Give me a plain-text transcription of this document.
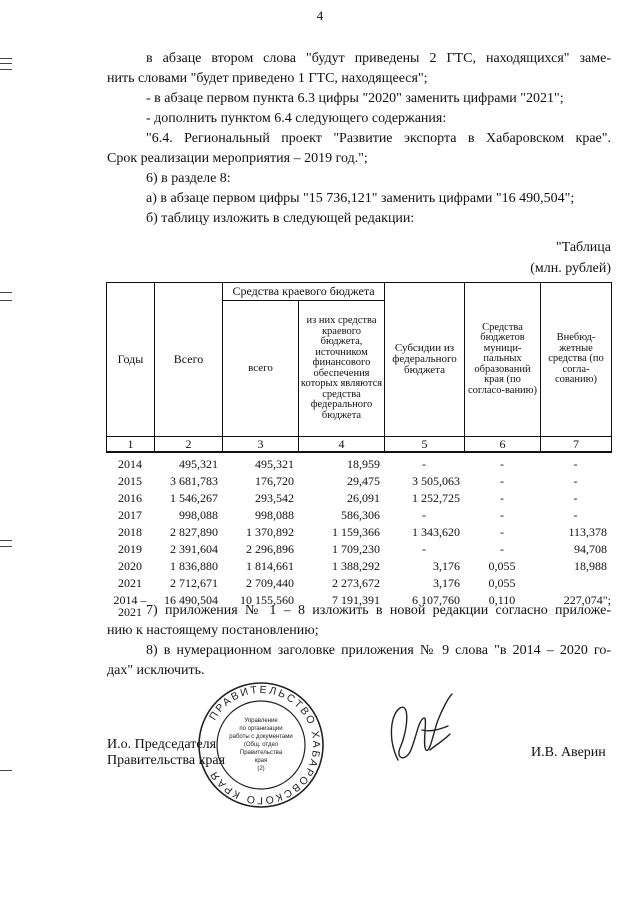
4
в абзаце втором слова "будут приведены 2 ГТС, находящихся" заме-
нить словами "будет приведено 1 ГТС, находящееся";
- в абзаце первом пункта 6.3 цифры "2020" заменить цифрами "2021";
- дополнить пунктом 6.4 следующего содержания:
"6.4. Региональный проект "Развитие экспорта в Хабаровском крае".
Срок реализации мероприятия – 2019 год.";
6) в разделе 8:
а) в абзаце первом цифры "15 736,121" заменить цифрами "16 490,504";
б) таблицу изложить в следующей редакции:
"Таблица
(млн. рублей)
Годы	Всего	Средства краевого бюджета		Субсидии из федерального бюджета	Средства бюджетов муници-пальных образований края (по согласо-ванию)	Внебюд-жетные средства (по согла-сованию)
		всего	из них средства краевого бюджета, источником финансового обеспечения которых являются средства федерального бюджета			
1	2	3	4	5	6	7
2014	495,321	495,321	18,959	-	-	-
2015	3 681,783	176,720	29,475	3 505,063	-	-
2016	1 546,267	293,542	26,091	1 252,725	-	-
2017	998,088	998,088	586,306	-	-	-
2018	2 827,890	1 370,892	1 159,366	1 343,620	-	113,378
2019	2 391,604	2 296,896	1 709,230	-	-	94,708
2020	1 836,880	1 814,661	1 388,292	3,176	0,055	18,988
2021	2 712,671	2 709,440	2 273,672	3,176	0,055	

2014 –
2021	16 490,504	10 155,560	7 191,391	6 107,760	0,110	227,074";
7) приложения № 1 – 8 изложить в новой редакции согласно приложе-
нию к настоящему постановлению;
8) в нумерационном заголовке приложения № 9 слова "в 2014 – 2020 го-
дах" исключить.
И.о. Председателя
Правительства края
И.В. Аверин
ПРАВИТЕЛЬСТВО ХАБАРОВСКОГО КРАЯ
Управление
по организации
работы с документами
(Общ. отдел
Правительства
края
(2)
